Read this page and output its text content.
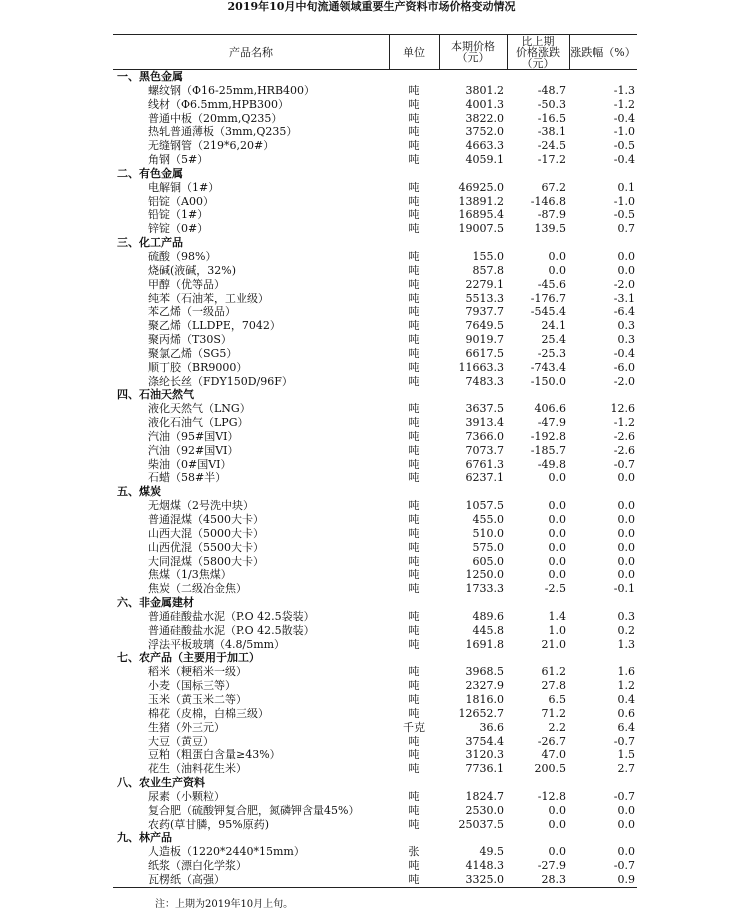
2019年10月中旬流通领域重要生产资料市场价格变动情况
产品名称	单位	本期价格
（元）
比上期
价格涨跌
（元）
涨跌幅（%）
一、黑色金属
螺纹钢（Φ16-25mm,HRB400）	吨	3801.2	-48.7	-1.3
线材（Φ6.5mm,HPB300）	吨	4001.3	-50.3	-1.2
普通中板（20mm,Q235）	吨	3822.0	-16.5	-0.4
热轧普通薄板（3mm,Q235）	吨	3752.0	-38.1	-1.0
无缝钢管（219*6,20#）	吨	4663.3	-24.5	-0.5
角钢（5#）	吨	4059.1	-17.2	-0.4
二、有色金属
电解铜（1#）	吨	46925.0	67.2	0.1
铝锭（A00）	吨	13891.2 -146.8	-1.0
铅锭（1#）	吨	16895.4	-87.9	-0.5
锌锭（0#）	吨	19007.5	139.5	0.7
三、化工产品
硫酸（98%）	吨	155.0	0.0	0.0
烧碱(液碱，32%)	吨	857.8	0.0	0.0
甲醇（优等品）	吨	2279.1	-45.6	-2.0
纯苯（石油苯，工业级）	吨	5513.3 -176.7	-3.1
苯乙烯（一级品）	吨	7937.7 -545.4	-6.4
聚乙烯（LLDPE，7042）	吨	7649.5	24.1	0.3
聚丙烯（T30S）	吨	9019.7	25.4	0.3
聚氯乙烯（SG5）	吨	6617.5	-25.3	-0.4
顺丁胶（BR9000）	吨	11663.3 -743.4	-6.0
涤纶长丝（FDY150D/96F）	吨	7483.3 -150.0	-2.0
四、石油天然气
液化天然气（LNG）	吨	3637.5	406.6	12.6
液化石油气（LPG）	吨	3913.4	-47.9	-1.2
汽油（95#国VI）	吨	7366.0 -192.8	-2.6
汽油（92#国VI）	吨	7073.7 -185.7	-2.6
柴油（0#国VI）	吨	6761.3	-49.8	-0.7
石蜡（58#半）	吨	6237.1	0.0	0.0
五、煤炭
无烟煤（2号洗中块）	吨	1057.5	0.0	0.0
普通混煤（4500大卡）	吨	455.0	0.0	0.0
山西大混（5000大卡）	吨	510.0	0.0	0.0
山西优混（5500大卡）	吨	575.0	0.0	0.0
大同混煤（5800大卡）	吨	605.0	0.0	0.0
焦煤（1/3焦煤）	吨	1250.0	0.0	0.0
焦炭（二级冶金焦）	吨	1733.3	-2.5	-0.1
六、非金属建材
普通硅酸盐水泥（P.O 42.5袋装）	吨	489.6	1.4	0.3
普通硅酸盐水泥（P.O 42.5散装）	吨	445.8	1.0	0.2
浮法平板玻璃（4.8/5mm）	吨	1691.8	21.0	1.3
七、农产品（主要用于加工）
稻米（粳稻米一级）	吨	3968.5	61.2	1.6
小麦（国标三等）	吨	2327.9	27.8	1.2
玉米（黄玉米二等）	吨	1816.0	6.5	0.4
棉花（皮棉，白棉三级）	吨	12652.7	71.2	0.6
生猪（外三元）	千克	36.6	2.2	6.4
大豆（黄豆）	吨	3754.4	-26.7	-0.7
豆粕（粗蛋白含量≥43%）	吨	3120.3	47.0	1.5
花生（油料花生米）	吨	7736.1	200.5	2.7
八、农业生产资料
尿素（小颗粒）	吨	1824.7	-12.8	-0.7
复合肥（硫酸钾复合肥，氮磷钾含量45%）	吨	2530.0	0.0	0.0
农药(草甘膦，95%原药)	吨	25037.5	0.0	0.0
九、林产品
人造板（1220*2440*15mm）	张	49.5	0.0	0.0
纸浆（漂白化学浆）	吨	4148.3	-27.9	-0.7
瓦楞纸（高强）	吨	3325.0	28.3	0.9
注：上期为2019年10月上旬。
